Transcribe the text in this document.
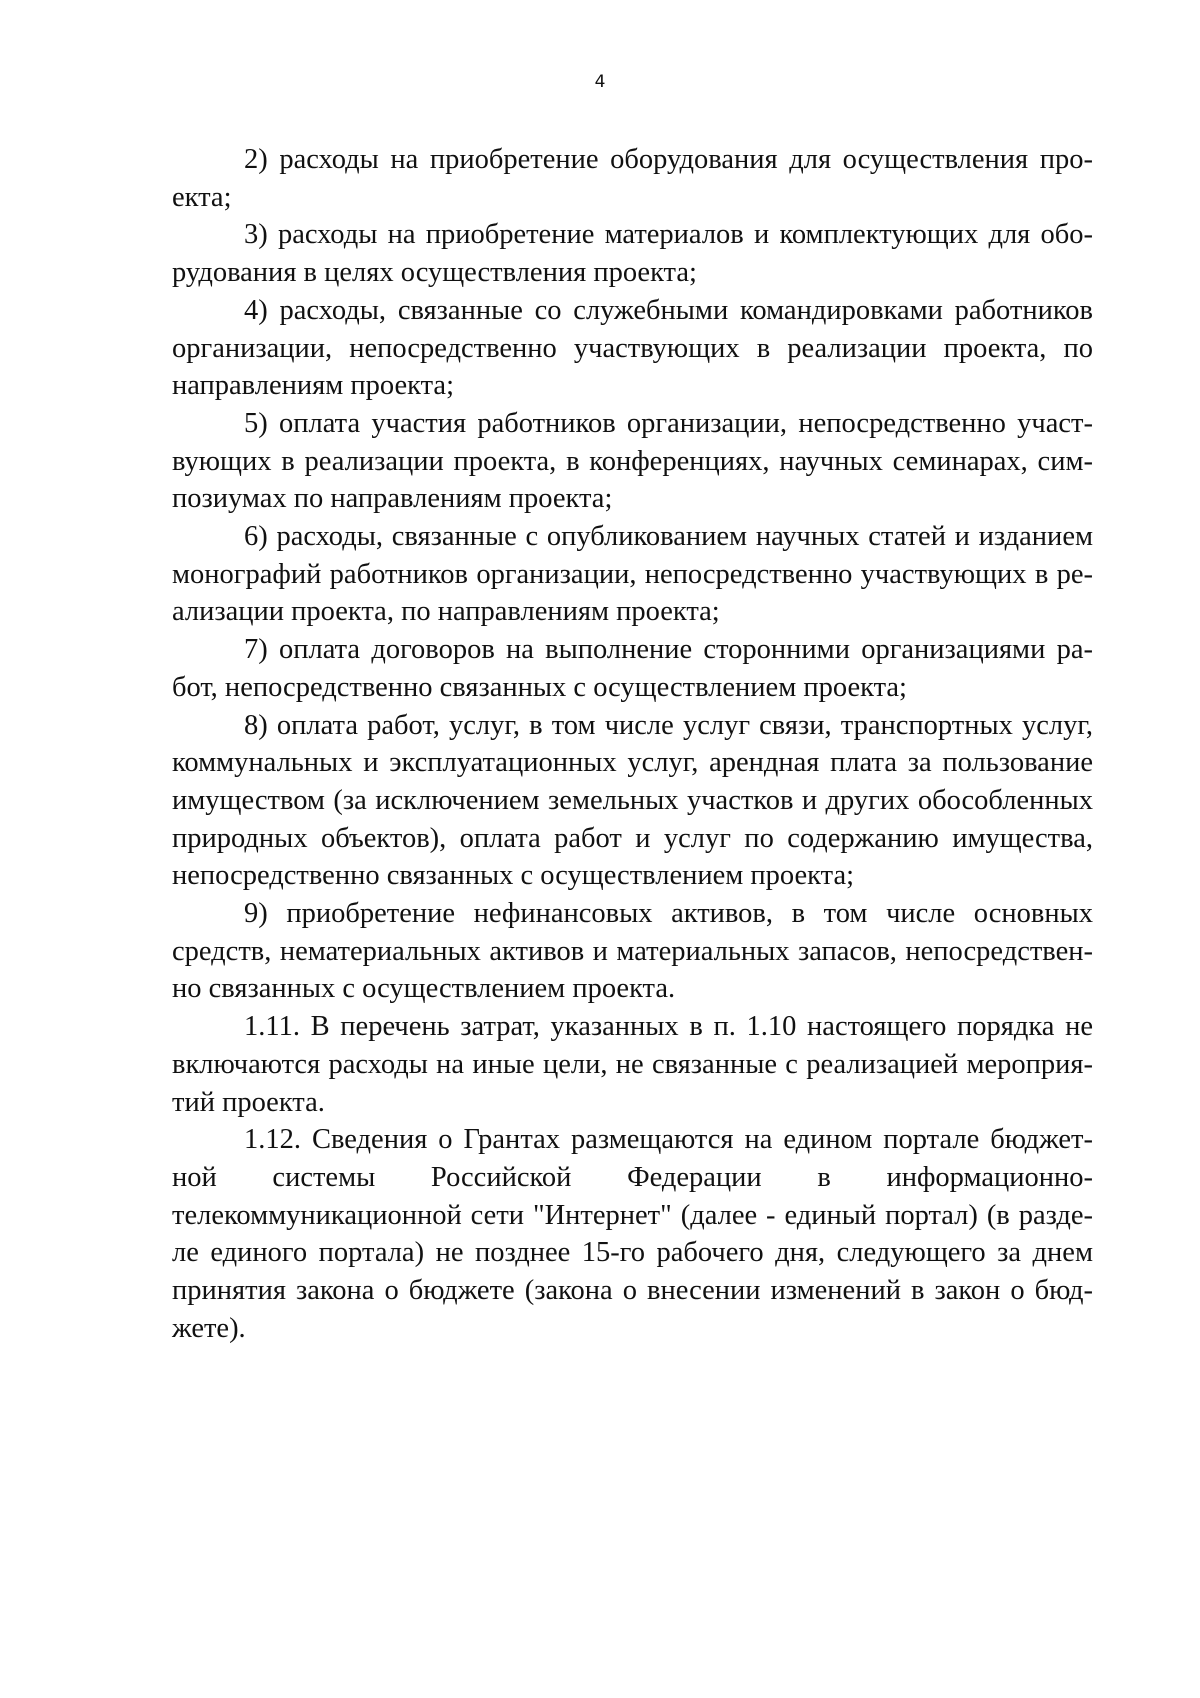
4

2) расходы на приобретение оборудования для осуществления проекта;

3) расходы на приобретение материалов и комплектующих для оборудования в целях осуществления проекта;

4) расходы, связанные со служебными командировками работников организации, непосредственно участвующих в реализации проекта, по направлениям проекта;

5) оплата участия работников организации, непосредственно участвующих в реализации проекта, в конференциях, научных семинарах, симпозиумах по направлениям проекта;

6) расходы, связанные с опубликованием научных статей и изданием монографий работников организации, непосредственно участвующих в реализации проекта, по направлениям проекта;

7) оплата договоров на выполнение сторонними организациями работ, непосредственно связанных с осуществлением проекта;

8) оплата работ, услуг, в том числе услуг связи, транспортных услуг, коммунальных и эксплуатационных услуг, арендная плата за пользование имуществом (за исключением земельных участков и других обособленных природных объектов), оплата работ и услуг по содержанию имущества, непосредственно связанных с осуществлением проекта;

9) приобретение нефинансовых активов, в том числе основных средств, нематериальных активов и материальных запасов, непосредственно связанных с осуществлением проекта.

1.11. В перечень затрат, указанных в п. 1.10 настоящего порядка не включаются расходы на иные цели, не связанные с реализацией мероприятий проекта.

1.12. Сведения о Грантах размещаются на едином портале бюджетной системы Российской Федерации в информационно-телекоммуникационной сети "Интернет" (далее - единый портал) (в разделе единого портала) не позднее 15-го рабочего дня, следующего за днем принятия закона о бюджете (закона о внесении изменений в закон о бюджете).
